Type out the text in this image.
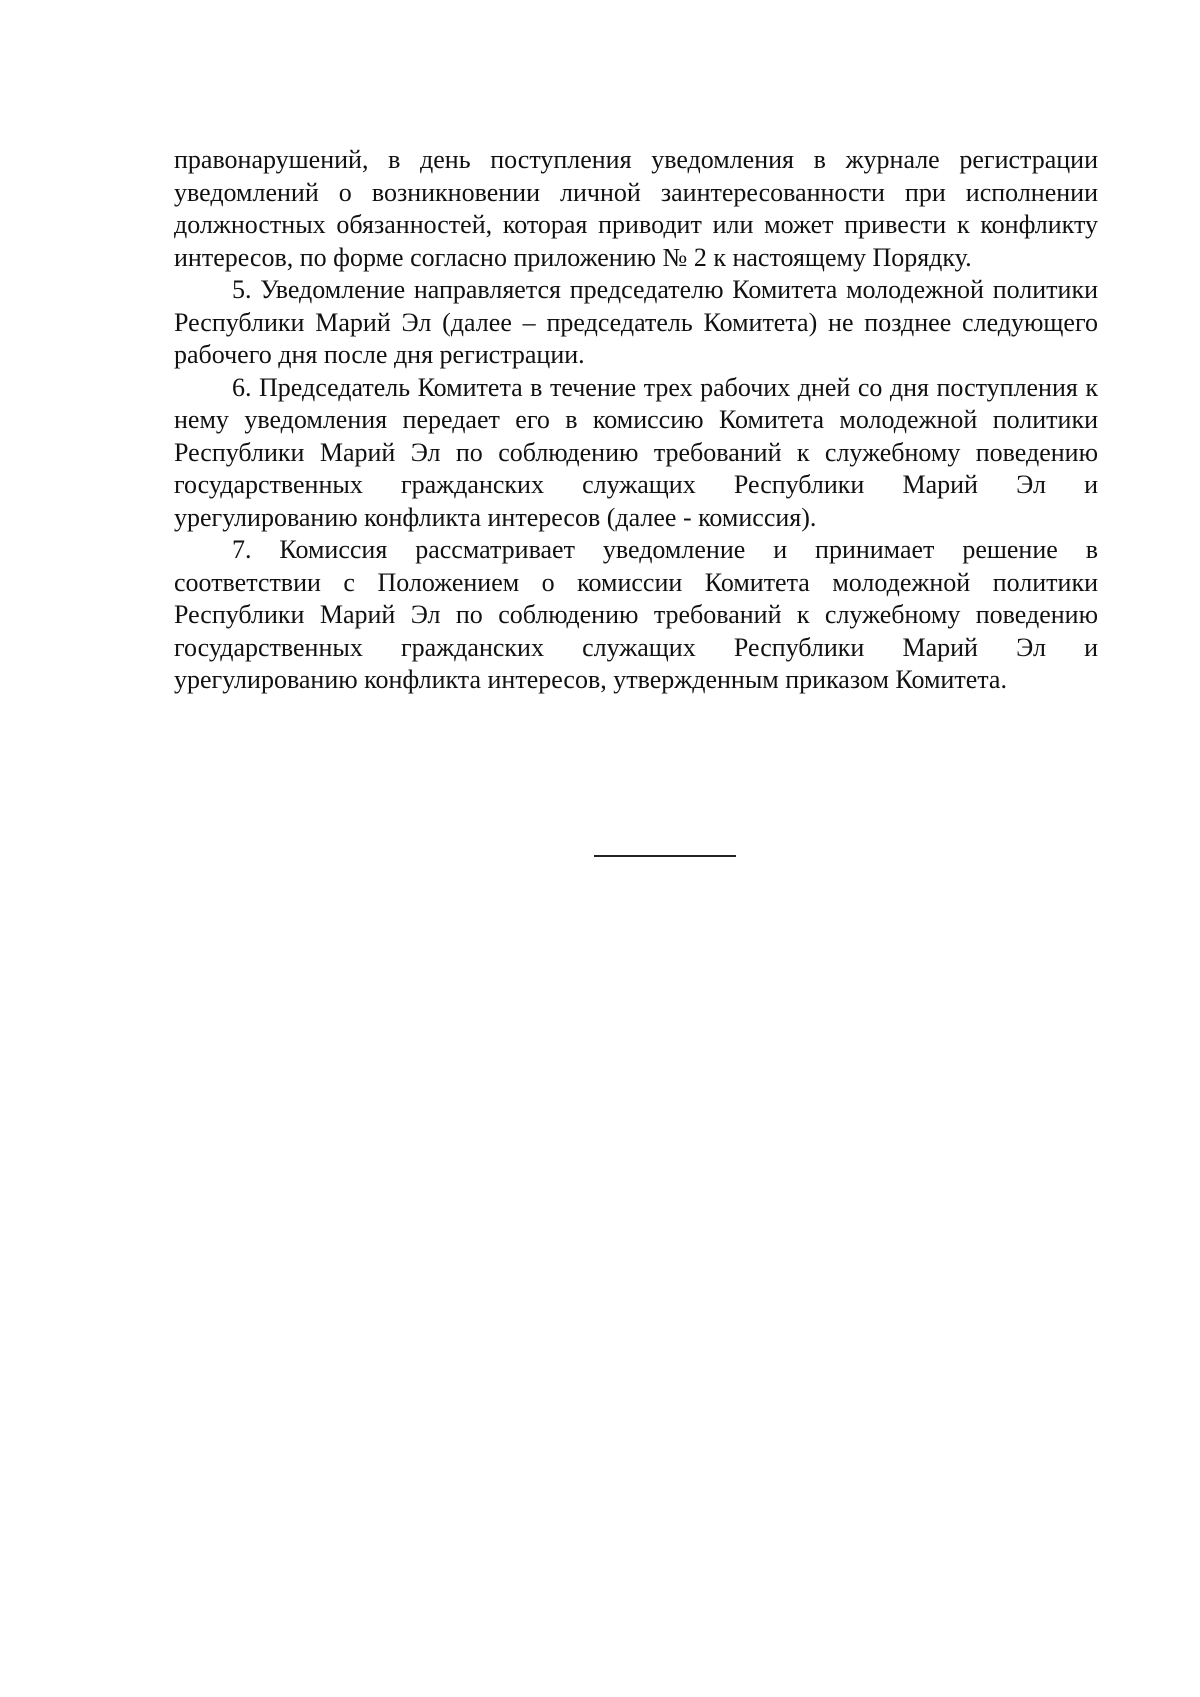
правонарушений, в день поступления уведомления в журнале регистрации уведомлений о возникновении личной заинтересованности при исполнении должностных обязанностей, которая приводит или может привести к конфликту интересов, по форме согласно приложению № 2 к настоящему Порядку.

5. Уведомление направляется председателю Комитета молодежной политики Республики Марий Эл (далее – председатель Комитета) не позднее следующего рабочего дня после дня регистрации.

6. Председатель Комитета в течение трех рабочих дней со дня поступления к нему уведомления передает его в комиссию Комитета молодежной политики Республики Марий Эл по соблюдению требований к служебному поведению государственных гражданских служащих Республики Марий Эл и урегулированию конфликта интересов (далее - комиссия).

7. Комиссия рассматривает уведомление и принимает решение в соответствии с Положением о комиссии Комитета молодежной политики Республики Марий Эл по соблюдению требований к служебному поведению государственных гражданских служащих Республики Марий Эл и урегулированию конфликта интересов, утвержденным приказом Комитета.
